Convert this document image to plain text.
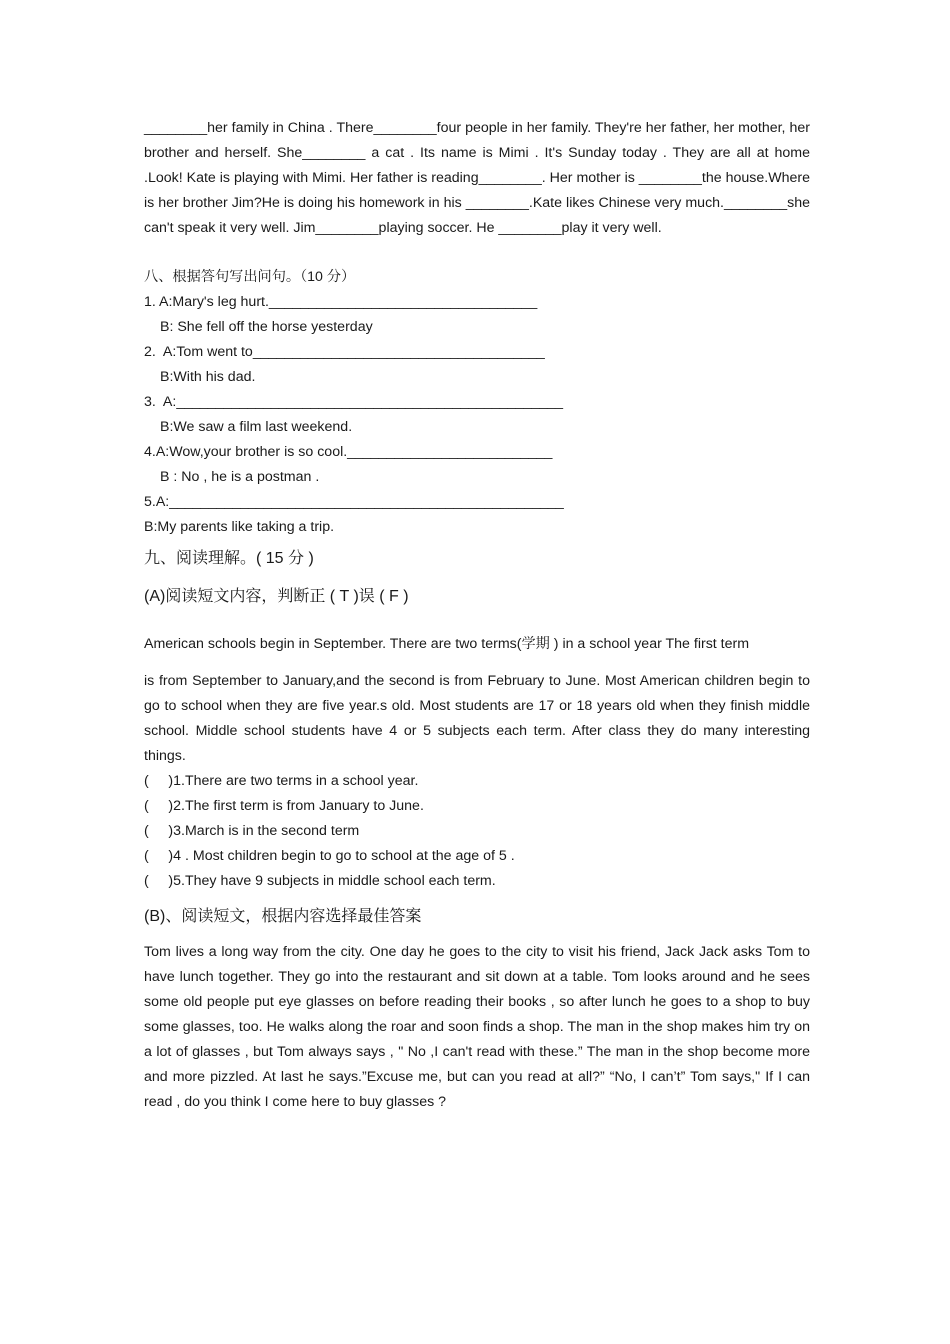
________her family in China . There________four people in her family. They're her father, her mother, her brother and herself. She________ a cat . Its name is Mimi . It's Sunday today . They are all at home .Look! Kate is playing with Mimi. Her father is reading________. Her mother is ________the house.Where is her brother Jim?He is doing his homework in his ________.Kate likes Chinese very much.________she can't speak it very well. Jim________playing soccer. He ________play it very well.

八、根据答句写出问句。（10 分）
1. A:Mary's leg hurt.__________________________________
B: She fell off the horse yesterday
2.  A:Tom went to_____________________________________
B:With his dad.
3.  A:_________________________________________________
B:We saw a film last weekend.
4.A:Wow,your brother is so cool.__________________________
B : No , he is a postman .
5.A:__________________________________________________
B:My parents like taking a trip.
九、阅读理解。( 15 分 )
(A)阅读短文内容，判断正 ( T )误 ( F )

American schools begin in September. There are two terms(学期 ) in a school year The first term

is from September to January,and the second is from February to June. Most American children begin to go to school when they are five year.s old. Most students are 17 or 18 years old when they finish middle school. Middle school students have 4 or 5 subjects each term. After class they do many interesting things.

(     )1.There are two terms in a school year.
(     )2.The first term is from January to June.
(     )3.March is in the second term
(     )4 . Most children begin to go to school at the age of 5 .
(     )5.They have 9 subjects in middle school each term.
(B)、阅读短文，根据内容选择最佳答案

Tom lives a long way from the city. One day he goes to the city to visit his friend, Jack Jack asks Tom to have lunch together. They go into the restaurant and sit down at a table. Tom looks around and he sees some old people put eye glasses on before reading their books , so after lunch he goes to a shop to buy some glasses, too. He walks along the roar and soon finds a shop. The man in the shop makes him try on a lot of glasses , but Tom always says , " No ,I can't read with these.” The man in the shop become more and more pizzled. At last he says.”Excuse me, but can you read at all?” “No, I can’t” Tom says," If I can read , do you think I come here to buy glasses ?
